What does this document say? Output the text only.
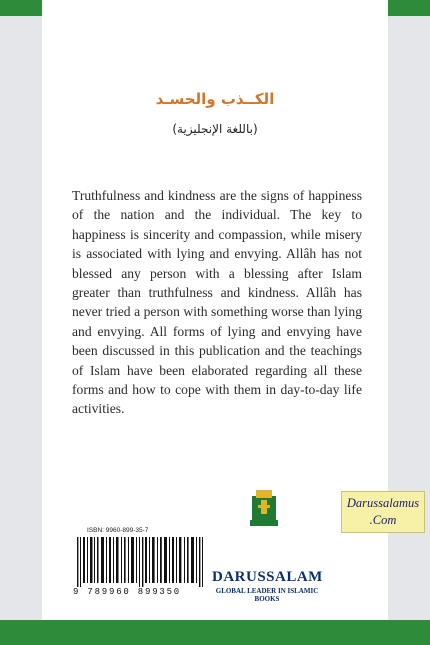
الكــذب والحسـد
(باللغة الإنجليزية)
Truthfulness and kindness are the signs of happiness of the nation and the individual. The key to happiness is sincerity and compassion, while misery is associated with lying and envying. Allâh has not blessed any person with a blessing after Islam greater than truthfulness and kindness. Allâh has never tried a person with something worse than lying and envying. All forms of lying and envying have been discussed in this publication and the teachings of Islam have been elaborated regarding all these forms and how to cope with them in day-to-day life activities.
ISBN: 9960-899-35-7
9 789960 899350
DARUSSALAM
GLOBAL LEADER IN ISLAMIC BOOKS
Darussalamus
.Com
